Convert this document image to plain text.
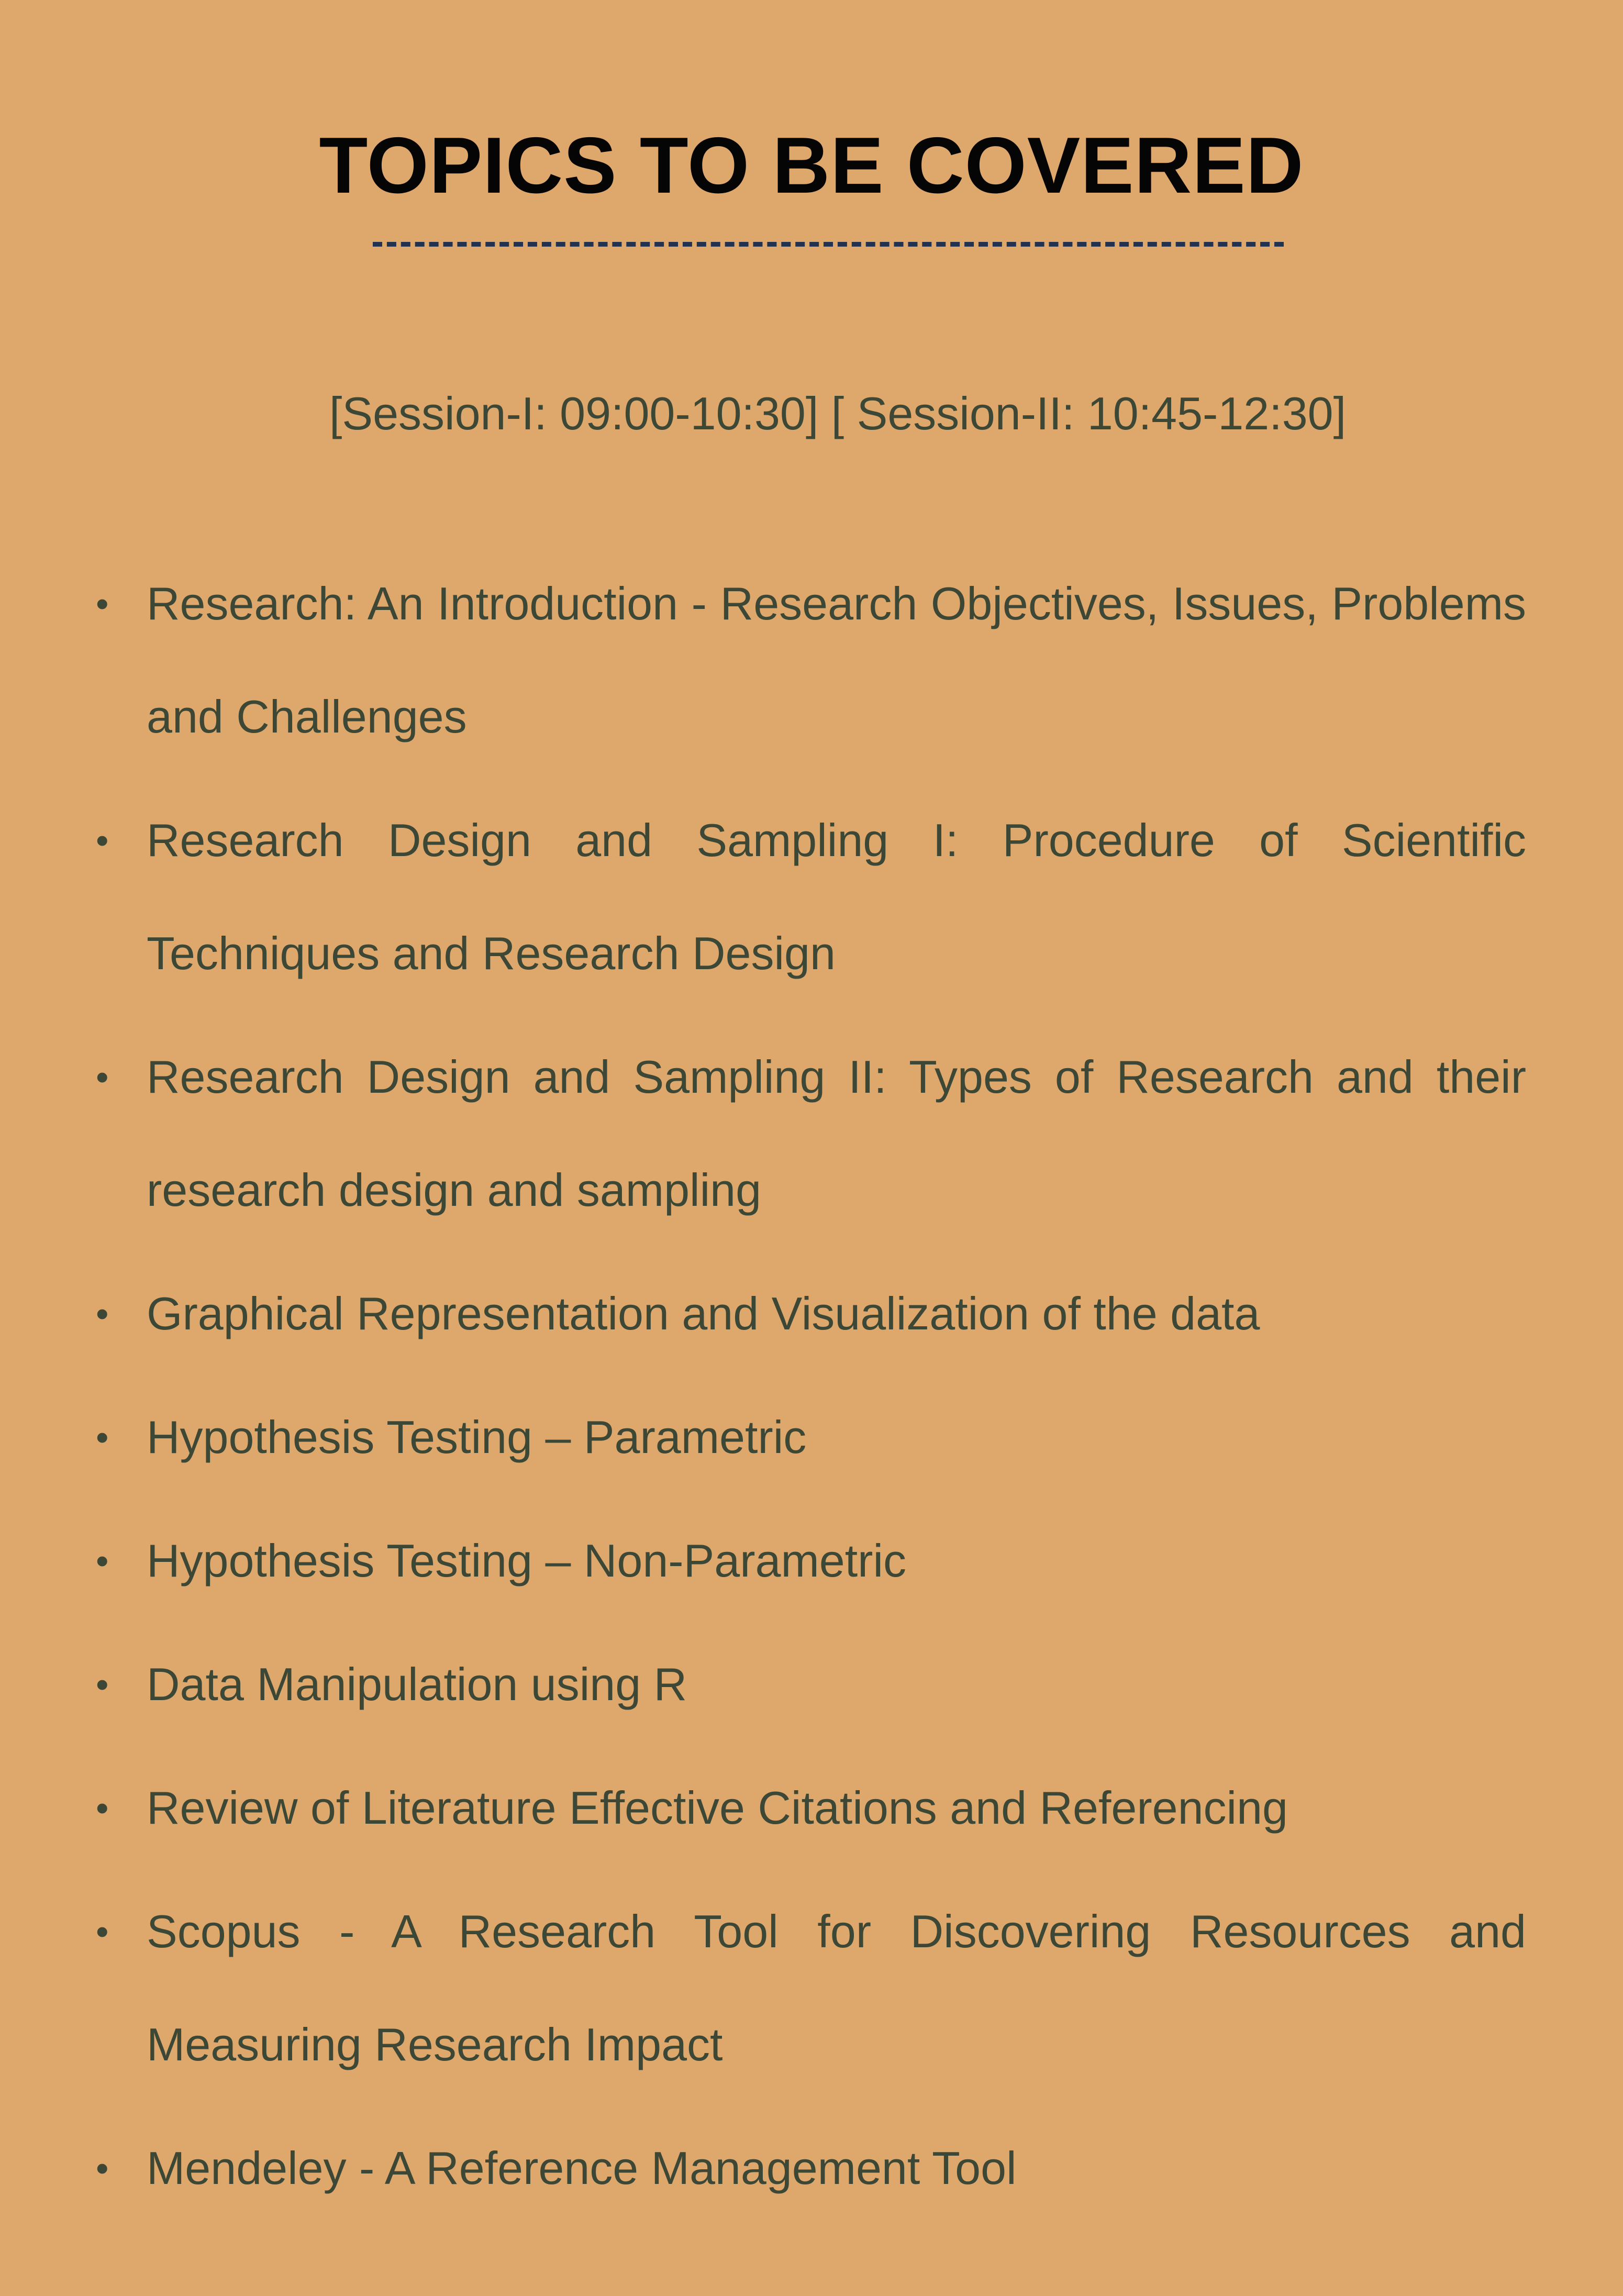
TOPICS TO BE COVERED
[Session-I: 09:00-10:30] [ Session-II: 10:45-12:30]
• Research: An Introduction - Research Objectives, Issues, Problems and Challenges
• Research Design and Sampling I: Procedure of Scientific Techniques and Research Design
• Research Design and Sampling II: Types of Research and their research design and sampling
• Graphical Representation and Visualization of the data
• Hypothesis Testing – Parametric
• Hypothesis Testing – Non-Parametric
• Data Manipulation using R
• Review of Literature Effective Citations and Referencing
• Scopus - A Research Tool for Discovering Resources and Measuring Research Impact
• Mendeley - A Reference Management Tool
